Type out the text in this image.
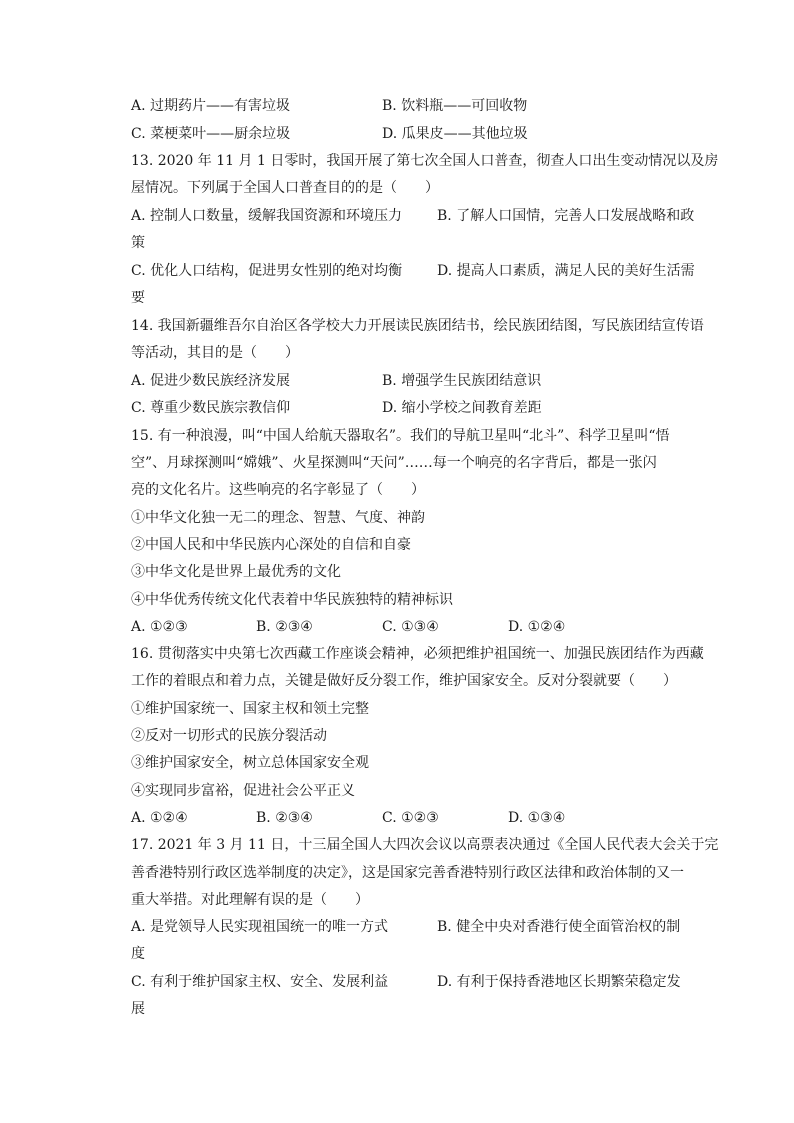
A. 过期药片——有害垃圾	B. 饮料瓶——可回收物
C. 菜梗菜叶——厨余垃圾	D. 瓜果皮——其他垃圾
13. 2020 年 11 月 1 日零时，我国开展了第七次全国人口普查，彻查人口出生变动情况以及房
屋情况。下列属于全国人口普查目的的是（　　）
A. 控制人口数量，缓解我国资源和环境压力 B. 了解人口国情，完善人口发展战略和政
策
C. 优化人口结构，促进男女性别的绝对均衡 D. 提高人口素质，满足人民的美好生活需
要
14. 我国新疆维吾尔自治区各学校大力开展读民族团结书，绘民族团结图，写民族团结宣传语
等活动，其目的是（　　）
A. 促进少数民族经济发展	B. 增强学生民族团结意识
C. 尊重少数民族宗教信仰	D. 缩小学校之间教育差距
15. 有一种浪漫，叫“中国人给航天器取名”。我们的导航卫星叫“北斗”、科学卫星叫“悟
空”、月球探测叫“嫦娥”、火星探测叫“天问”……每一个响亮的名字背后，都是一张闪
亮的文化名片。这些响亮的名字彰显了（　　）
①中华文化独一无二的理念、智慧、气度、神韵
②中国人民和中华民族内心深处的自信和自豪
③中华文化是世界上最优秀的文化
④中华优秀传统文化代表着中华民族独特的精神标识
A. ①②③	B. ②③④	C. ①③④	D. ①②④
16. 贯彻落实中央第七次西藏工作座谈会精神，必须把维护祖国统一、加强民族团结作为西藏
工作的着眼点和着力点，关键是做好反分裂工作，维护国家安全。反对分裂就要（　　）
①维护国家统一、国家主权和领土完整
②反对一切形式的民族分裂活动
③维护国家安全，树立总体国家安全观
④实现同步富裕，促进社会公平正义
A. ①②④	B. ②③④	C. ①②③	D. ①③④
17. 2021 年 3 月 11 日，十三届全国人大四次会议以高票表决通过《全国人民代表大会关于完
善香港特别行政区选举制度的决定》，这是国家完善香港特别行政区法律和政治体制的又一
重大举措。对此理解有误的是（　　）
A. 是党领导人民实现祖国统一的唯一方式	B. 健全中央对香港行使全面管治权的制
度
C. 有利于维护国家主权、安全、发展利益	D. 有利于保持香港地区长期繁荣稳定发
展
